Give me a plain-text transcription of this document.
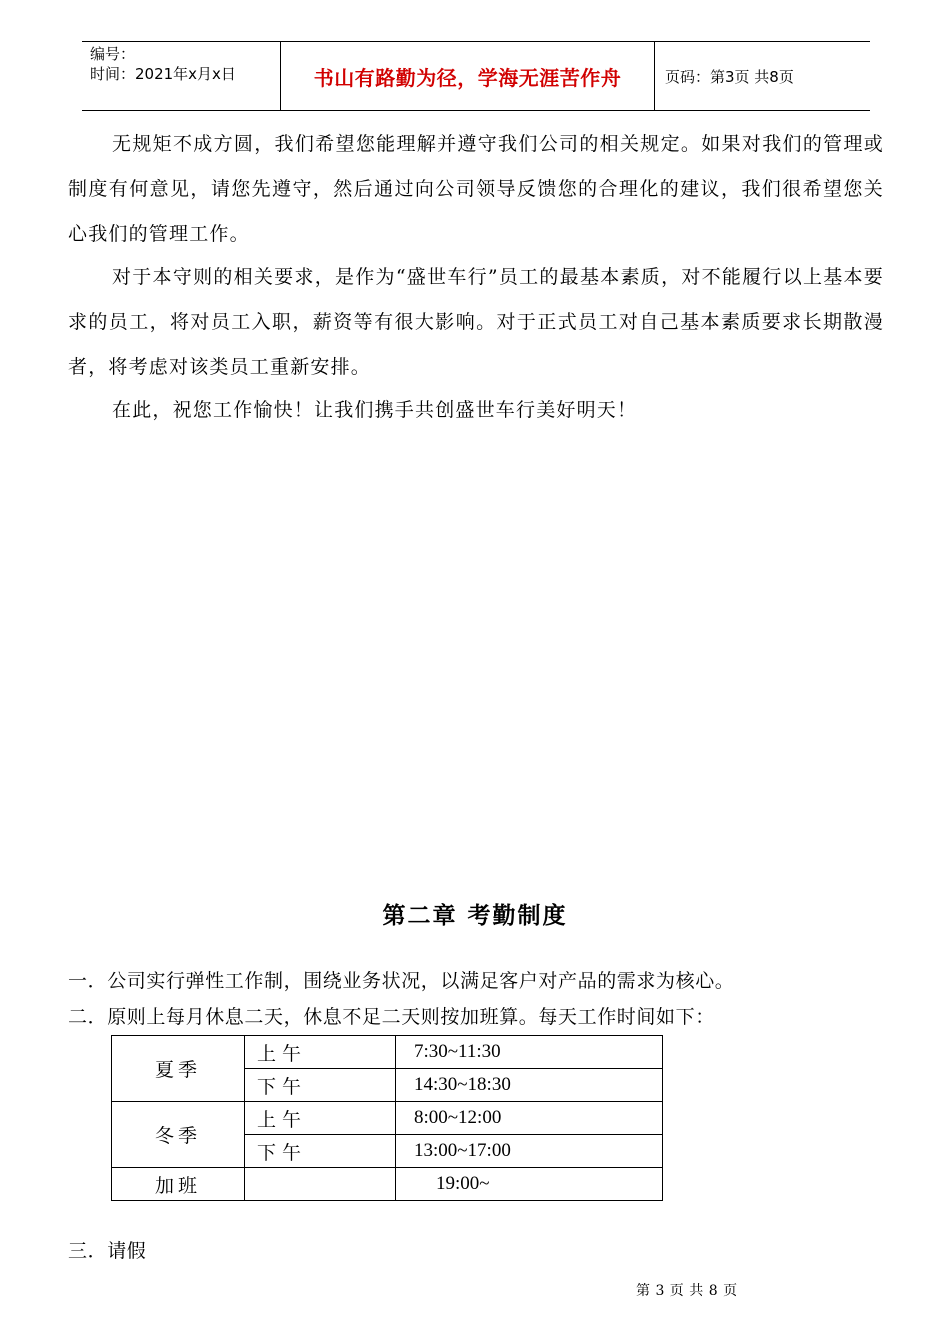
编号：
时间：2021年x月x日	书山有路勤为径，学海无涯苦作舟	页码：第3页 共8页
无规矩不成方圆，我们希望您能理解并遵守我们公司的相关规定。如果对我们的管理或制度有何意见，请您先遵守，然后通过向公司领导反馈您的合理化的建议，我们很希望您关心我们的管理工作。
对于本守则的相关要求，是作为“盛世车行”员工的最基本素质，对不能履行以上基本要求的员工，将对员工入职，薪资等有很大影响。对于正式员工对自己基本素质要求长期散漫者，将考虑对该类员工重新安排。
在此，祝您工作愉快！让我们携手共创盛世车行美好明天！
第二章 考勤制度
一．公司实行弹性工作制，围绕业务状况，以满足客户对产品的需求为核心。
二．原则上每月休息二天，休息不足二天则按加班算。每天工作时间如下：
夏季	上午	7:30~11:30
	下午	14:30~18:30
冬季	上午	8:00~12:00
	下午	13:00~17:00
加班		19:00~
三．请假
第 3 页 共 8 页
